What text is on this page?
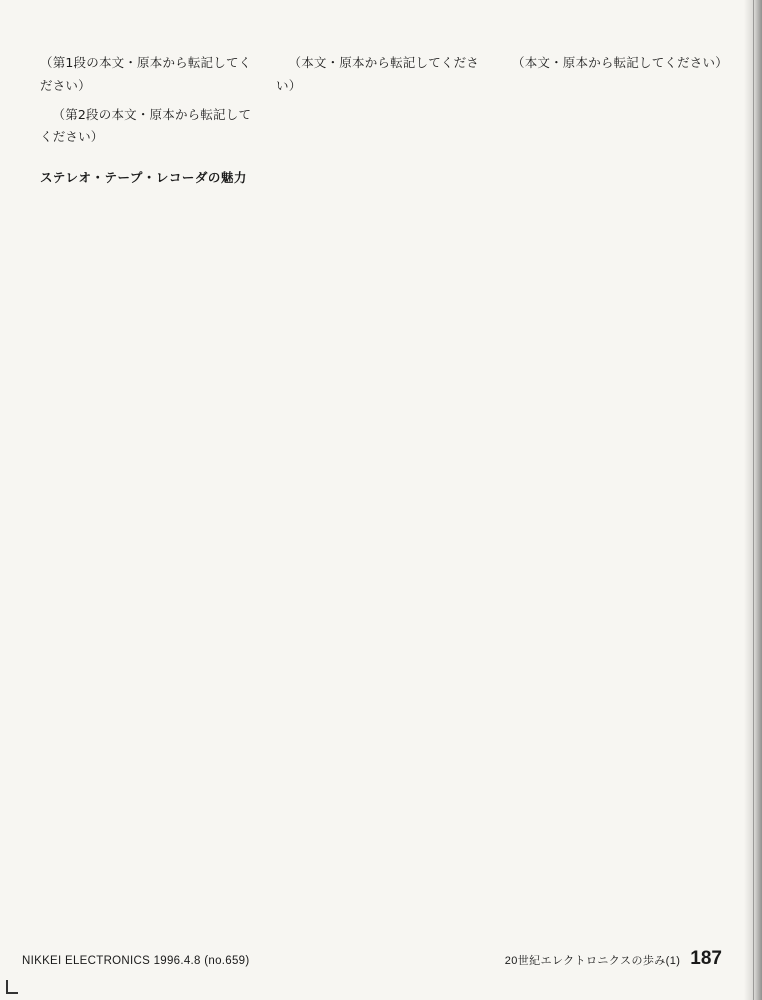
（第1段の本文・原本から転記してください）

（第2段の本文・原本から転記してください）

ステレオ・テープ・レコーダの魅力

（本文・原本から転記してください）

（本文・原本から転記してください）

NIKKEI ELECTRONICS 1996.4.8 (no.659)	20世紀エレクトロニクスの歩み(1) 187
